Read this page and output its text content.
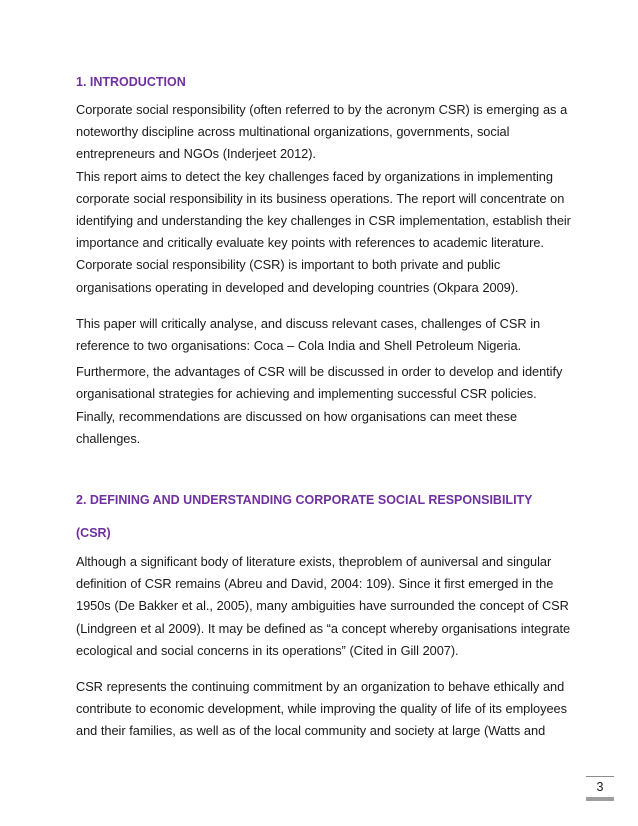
1. INTRODUCTION

Corporate social responsibility (often referred to by the acronym CSR) is emerging as a noteworthy discipline across multinational organizations, governments, social entrepreneurs and NGOs (Inderjeet 2012).

This report aims to detect the key challenges faced by organizations in implementing corporate social responsibility in its business operations. The report will concentrate on identifying and understanding the key challenges in CSR implementation, establish their importance and critically evaluate key points with references to academic literature.

Corporate social responsibility (CSR) is important to both private and public organisations operating in developed and developing countries (Okpara 2009).

This paper will critically analyse, and discuss relevant cases, challenges of CSR in reference to two organisations: Coca – Cola India and Shell Petroleum Nigeria.

Furthermore, the advantages of CSR will be discussed in order to develop and identify organisational strategies for achieving and implementing successful CSR policies.

Finally, recommendations are discussed on how organisations can meet these challenges.

2. DEFINING AND UNDERSTANDING CORPORATE SOCIAL RESPONSIBILITY
(CSR)

Although a significant body of literature exists, theproblem of auniversal and singular definition of CSR remains (Abreu and David, 2004: 109). Since it first emerged in the 1950s (De Bakker et al., 2005), many ambiguities have surrounded the concept of CSR (Lindgreen et al 2009). It may be defined as “a concept whereby organisations integrate ecological and social concerns in its operations” (Cited in Gill 2007).

CSR represents the continuing commitment by an organization to behave ethically and contribute to economic development, while improving the quality of life of its employees and their families, as well as of the local community and society at large (Watts and

3
